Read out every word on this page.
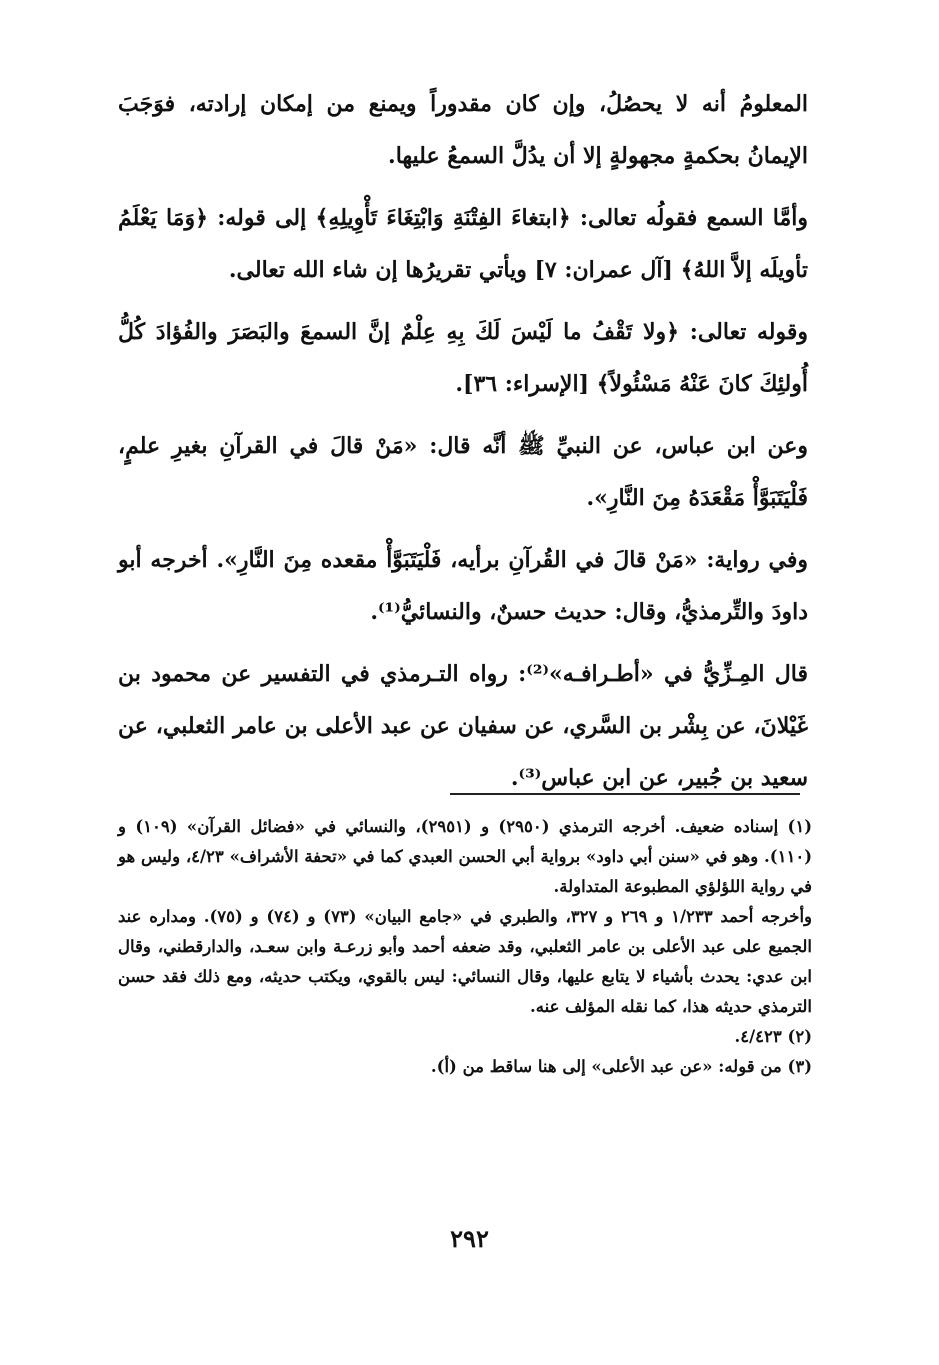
المعلومُ أنه لا يحصُلُ، وإن كان مقدوراً ويمنع من إمكان إرادته، فوَجَبَ الإيمانُ بحكمةٍ مجهولةٍ إلا أن يدُلَّ السمعُ عليها.

وأمَّا السمع فقولُه تعالى: ﴿ابتغاءَ الفِتْنَةِ وَابْتِغَاءَ تَأْوِيلِهِ﴾ إلى قوله: ﴿وَمَا يَعْلَمُ تأويلَه إلاَّ اللهُ﴾ [آل عمران: ٧] ويأتي تقريرُها إن شاء الله تعالى.

وقوله تعالى: ﴿ولا تَقْفُ ما لَيْسَ لَكَ بِهِ عِلْمٌ إنَّ السمعَ والبَصَرَ والفُؤادَ كُلُّ أُولئِكَ كانَ عَنْهُ مَسْئُولاً﴾ [الإسراء: ٣٦].

وعن ابن عباس، عن النبيِّ ﷺ أنَّه قال: «مَنْ قالَ في القرآنِ بغيرِ علمٍ، فَلْيَتَبَوَّأْ مَقْعَدَهُ مِنَ النَّارِ».

وفي رواية: «مَنْ قالَ في القُرآنِ برأيه، فَلْيَتَبَوَّأْ مقعده مِنَ النَّارِ». أخرجه أبو داودَ والتِّرمذيُّ، وقال: حديث حسنٌ، والنسائيُّ⁽¹⁾.

قال المِـزِّيُّ في «أطـرافـه»⁽²⁾: رواه التـرمذي في التفسير عن محمود بن غَيْلانَ، عن بِشْر بن السَّري، عن سفيان عن عبد الأعلى بن عامر الثعلبي، عن سعيد بن جُبير، عن ابن عباس⁽³⁾.

(١) إسناده ضعيف. أخرجه الترمذي (٢٩٥٠) و (٢٩٥١)، والنسائي في «فضائل القرآن» (١٠٩) و (١١٠). وهو في «سنن أبي داود» برواية أبي الحسن العبدي كما في «تحفة الأشراف» ٤/٢٣، وليس هو في رواية اللؤلؤي المطبوعة المتداولة.

وأخرجه أحمد ١/٢٣٣ و ٢٦٩ و ٣٢٧، والطبري في «جامع البيان» (٧٣) و (٧٤) و (٧٥). ومداره عند الجميع على عبد الأعلى بن عامر الثعلبي، وقد ضعفه أحمد وأبو زرعـة وابن سعـد، والدارقطني، وقال ابن عدي: يحدث بأشياء لا يتابع عليها، وقال النسائي: ليس بالقوي، ويكتب حديثه، ومع ذلك فقد حسن الترمذي حديثه هذا، كما نقله المؤلف عنه.

(٢) ٤/٤٢٣.

(٣) من قوله: «عن عبد الأعلى» إلى هنا ساقط من (أ).

٢٩٢
